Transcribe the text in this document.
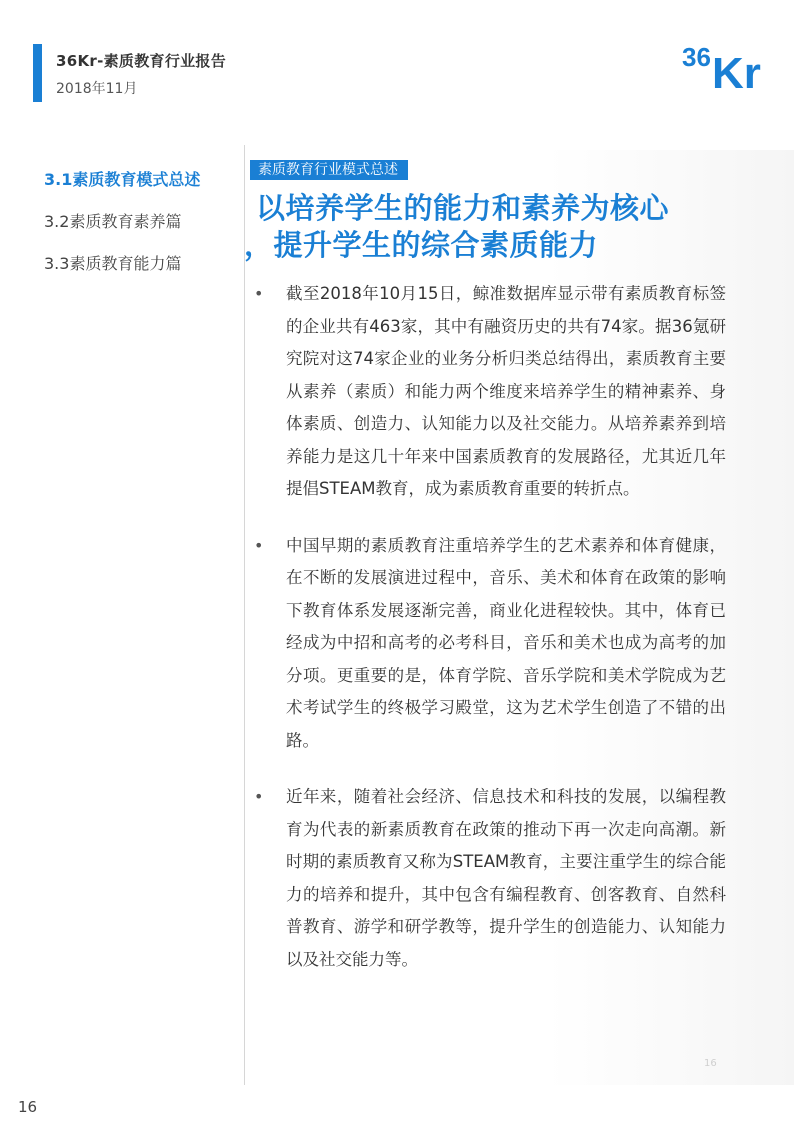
36Kr-素质教育行业报告
2018年11月
36 Kr
3.1素质教育模式总述
3.2素质教育素养篇
3.3素质教育能力篇
素质教育行业模式总述
以培养学生的能力和素养为核心
，提升学生的综合素质能力
• 截至2018年10月15日，鲸准数据库显示带有素质教育标签的企业共有463家，其中有融资历史的共有74家。据36氪研究院对这74家企业的业务分析归类总结得出，素质教育主要从素养（素质）和能力两个维度来培养学生的精神素养、身体素质、创造力、认知能力以及社交能力。从培养素养到培养能力是这几十年来中国素质教育的发展路径，尤其近几年提倡STEAM教育，成为素质教育重要的转折点。
• 中国早期的素质教育注重培养学生的艺术素养和体育健康，在不断的发展演进过程中，音乐、美术和体育在政策的影响下教育体系发展逐渐完善，商业化进程较快。其中，体育已经成为中招和高考的必考科目，音乐和美术也成为高考的加分项。更重要的是，体育学院、音乐学院和美术学院成为艺术考试学生的终极学习殿堂，这为艺术学生创造了不错的出路。
• 近年来，随着社会经济、信息技术和科技的发展，以编程教育为代表的新素质教育在政策的推动下再一次走向高潮。新时期的素质教育又称为STEAM教育，主要注重学生的综合能力的培养和提升，其中包含有编程教育、创客教育、自然科普教育、游学和研学教等，提升学生的创造能力、认知能力以及社交能力等。
16
16
